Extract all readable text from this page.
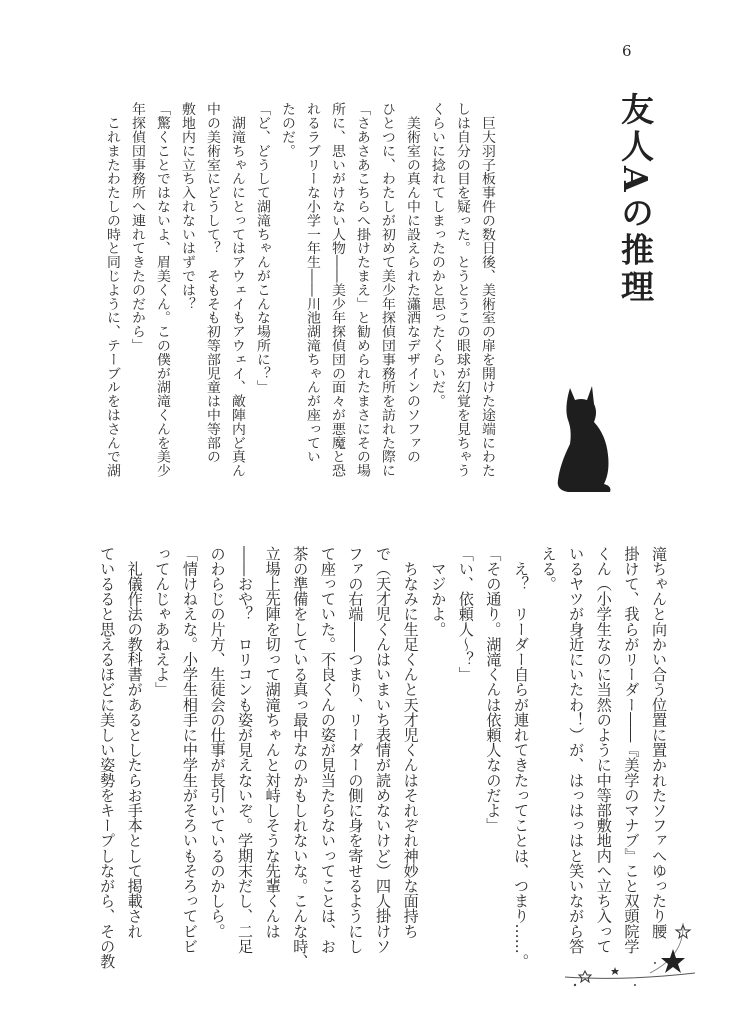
6
友人Aの推理
　巨大羽子板事件の数日後、美術室の扉を開けた途端にわた
しは自分の目を疑った。とうとうこの眼球が幻覚を見ちゃう
くらいに捻れてしまったのかと思ったくらいだ。
　美術室の真ん中に設えられた瀟洒なデザインのソファの
ひとつに、わたしが初めて美少年探偵団事務所を訪れた際に
「さあさあこちらへ掛けたまえ」と勧められたまさにその場
所に、思いがけない人物――美少年探偵団の面々が悪魔と恐
れるラブリーな小学一年生――川池湖滝ちゃんが座ってい
たのだ。
「ど、どうして湖滝ちゃんがこんな場所に？」
　湖滝ちゃんにとってはアウェイもアウェイ、敵陣内ど真ん
中の美術室にどうして？　そもそも初等部児童は中等部の
敷地内に立ち入れないはずでは？
「驚くことではないよ、眉美くん。この僕が湖滝くんを美少
年探偵団事務所へ連れてきたのだから」
　これまたわたしの時と同じように、テーブルをはさんで湖
滝ちゃんと向かい合う位置に置かれたソファへゆったり腰
掛けて、我らがリーダー――『美学のマナブ』こと双頭院学
くん（小学生なのに当然のように中等部敷地内へ立ち入って
いるヤツが身近にいたわ！）が、はっはっはと笑いながら答
える。
　え？　リーダー自らが連れてきたってことは、つまり……。
「その通り。湖滝くんは依頼人なのだよ」
「い、依頼人～？」
　マジかよ。
　ちなみに生足くんと天才児くんはそれぞれ神妙な面持ち
で（天才児くんはいまいち表情が読めないけど）四人掛けソ
ファの右端――つまり、リーダーの側に身を寄せるようにし
て座っていた。不良くんの姿が見当たらないってことは、お
茶の準備をしている真っ最中なのかもしれないな。こんな時、
立場上先陣を切って湖滝ちゃんと対峙しそうな先輩くんは
――おや？　ロリコンも姿が見えないぞ。学期末だし、二足
のわらじの片方、生徒会の仕事が長引いているのかしら。
「情けねえな。小学生相手に中学生がそろいもそろってビビ
ってんじゃあねえよ」
　礼儀作法の教科書があるとしたらお手本として掲載され
ているると思えるほどに美しい姿勢をキープしながら、その教
